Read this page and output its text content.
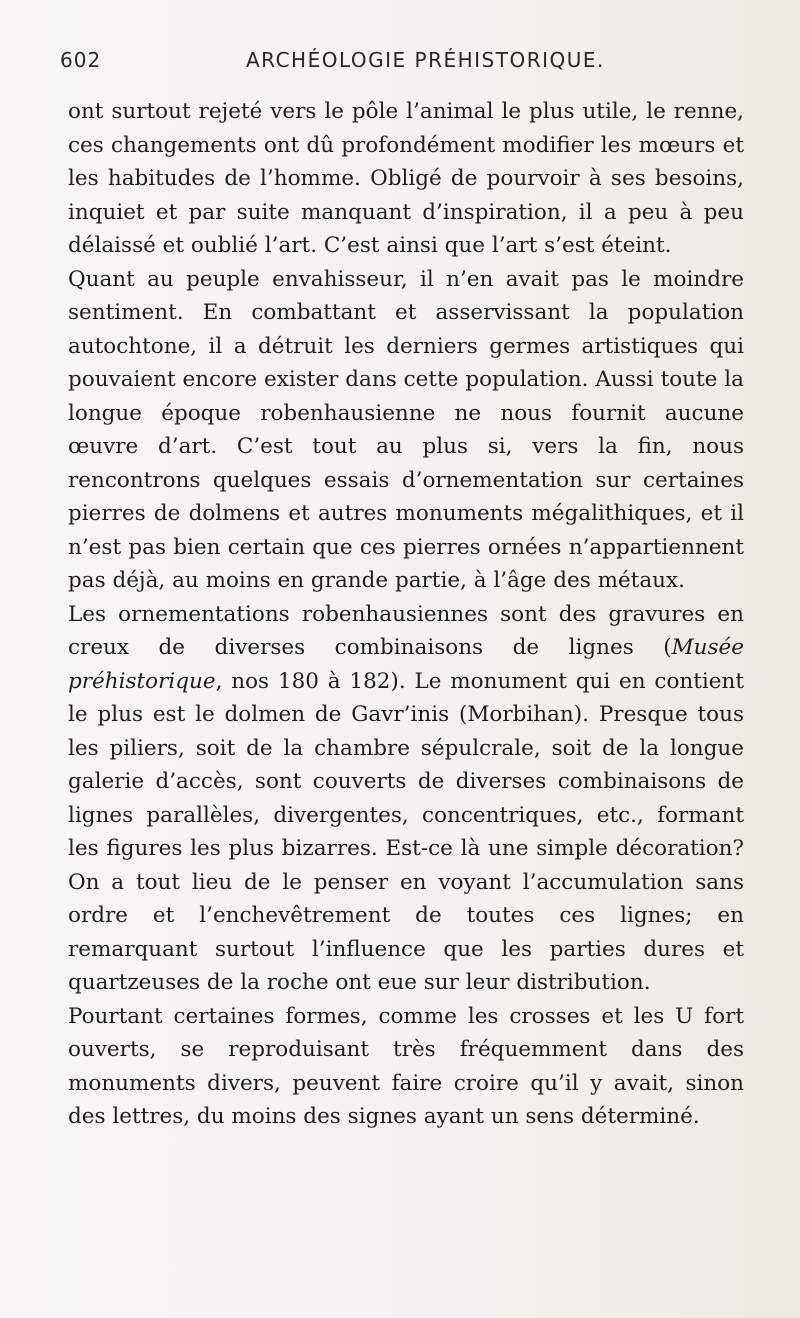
602	ARCHÉOLOGIE PRÉHISTORIQUE.

ont surtout rejeté vers le pôle l’animal le plus utile, le renne, ces changements ont dû profondément modifier les mœurs et les habitudes de l’homme. Obligé de pourvoir à ses besoins, inquiet et par suite manquant d’inspiration, il a peu à peu délaissé et oublié l’art. C’est ainsi que l’art s’est éteint.

Quant au peuple envahisseur, il n’en avait pas le moindre sentiment. En combattant et asservissant la population autochtone, il a détruit les derniers germes artistiques qui pouvaient encore exister dans cette population. Aussi toute la longue époque robenhausienne ne nous fournit aucune œuvre d’art. C’est tout au plus si, vers la fin, nous rencontrons quelques essais d’ornementation sur certaines pierres de dolmens et autres monuments mégalithiques, et il n’est pas bien certain que ces pierres ornées n’appartiennent pas déjà, au moins en grande partie, à l’âge des métaux.

Les ornementations robenhausiennes sont des gravures en creux de diverses combinaisons de lignes (Musée préhistorique, nos 180 à 182). Le monument qui en contient le plus est le dolmen de Gavr’inis (Morbihan). Presque tous les piliers, soit de la chambre sépulcrale, soit de la longue galerie d’accès, sont couverts de diverses combinaisons de lignes parallèles, divergentes, concentriques, etc., formant les figures les plus bizarres. Est-ce là une simple décoration? On a tout lieu de le penser en voyant l’accumulation sans ordre et l’enchevêtrement de toutes ces lignes; en remarquant surtout l’influence que les parties dures et quartzeuses de la roche ont eue sur leur distribution.

Pourtant certaines formes, comme les crosses et les U fort ouverts, se reproduisant très fréquemment dans des monuments divers, peuvent faire croire qu’il y avait, sinon des lettres, du moins des signes ayant un sens déterminé.
